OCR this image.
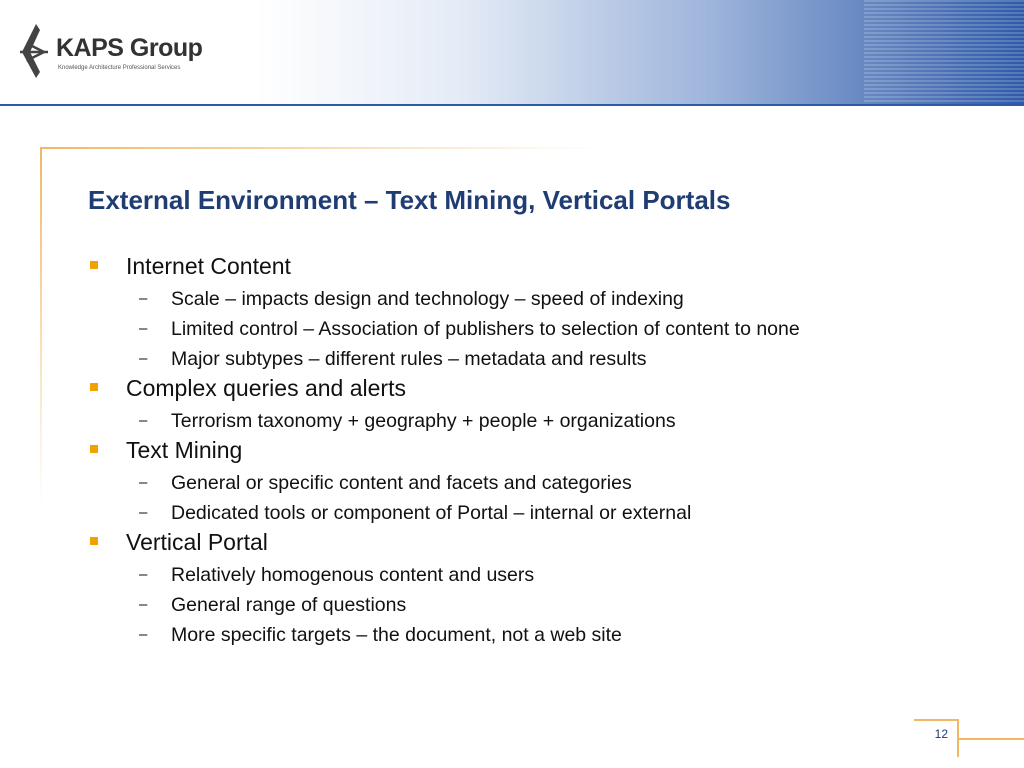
KAPS Group
Knowledge Architecture Professional Services
External Environment – Text Mining, Vertical Portals
Internet Content
– Scale – impacts design and technology – speed of indexing
– Limited control – Association of publishers to selection of content to none
– Major subtypes – different rules – metadata and results
Complex queries and alerts
– Terrorism taxonomy + geography + people + organizations
Text Mining
– General or specific content and facets and categories
– Dedicated tools or component of Portal – internal or external
Vertical Portal
– Relatively homogenous content and users
– General range of questions
– More specific targets – the document, not a web site
12
